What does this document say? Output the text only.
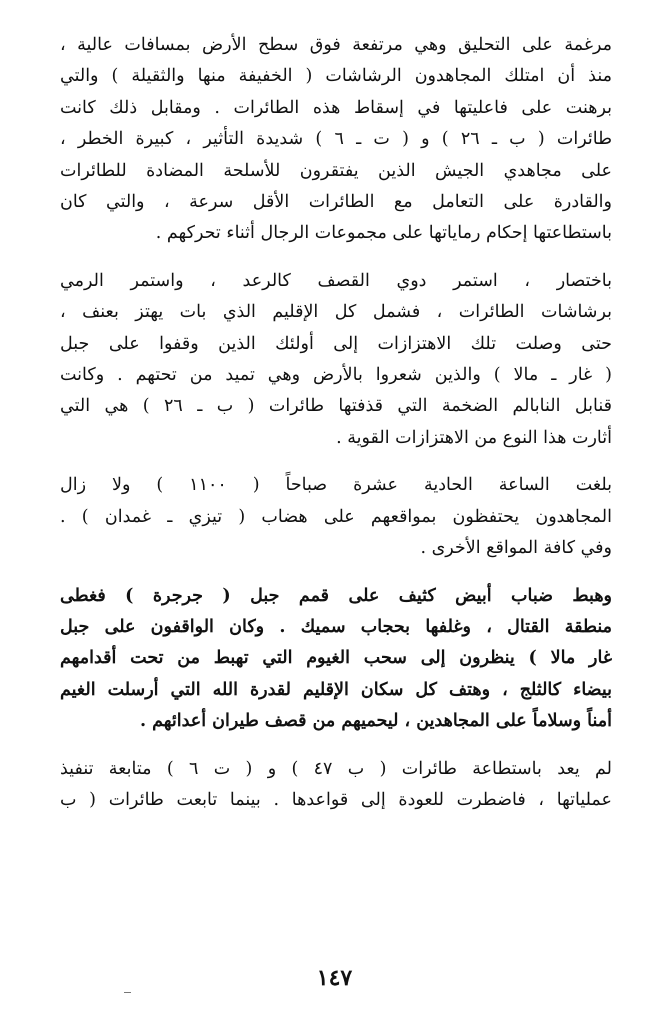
مرغمة على التحليق وهي مرتفعة فوق سطح الأرض بمسافات عالية ،
منذ أن امتلك المجاهدون الرشاشات ( الخفيفة منها والثقيلة ) والتي
برهنت على فاعليتها في إسقاط هذه الطائرات . ومقابل ذلك كانت
طائرات ( ب ـ ٢٦ ) و ( ت ـ ٦ ) شديدة التأثير ، كبيرة الخطر ،
على مجاهدي الجيش الذين يفتقرون للأسلحة المضادة للطائرات
والقادرة على التعامل مع الطائرات الأقل سرعة ، والتي كان
باستطاعتها إحكام رماياتها على مجموعات الرجال أثناء تحركهم .

باختصار ، استمر دوي القصف كالرعد ، واستمر الرمي
برشاشات الطائرات ، فشمل كل الإقليم الذي بات يهتز بعنف ،
حتى وصلت تلك الاهتزازات إلى أولئك الذين وقفوا على جبل
( غار ـ مالا ) والذين شعروا بالأرض وهي تميد من تحتهم . وكانت
قنابل النابالم الضخمة التي قذفتها طائرات ( ب ـ ٢٦ ) هي التي
أثارت هذا النوع من الاهتزازات القوية .

بلغت الساعة الحادية عشرة صباحاً ( ١١٠٠ ) ولا زال
المجاهدون يحتفظون بمواقعهم على هضاب ( تيزي ـ غمدان ) .
وفي كافة المواقع الأخرى .

وهبط ضباب أبيض كثيف على قمم جبل ( جرجرة ) فغطى
منطقة القتال ، وغلفها بحجاب سميك . وكان الواقفون على جبل
غار مالا ) ينظرون إلى سحب الغيوم التي تهبط من تحت أقدامهم
بيضاء كالثلج ، وهتف كل سكان الإقليم لقدرة الله التي أرسلت الغيم
أمناً وسلاماً على المجاهدين ، ليحميهم من قصف طيران أعدائهم .

لم يعد باستطاعة طائرات ( ب ٤٧ ) و ( ت ٦ ) متابعة تنفيذ
عملياتها ، فاضطرت للعودة إلى قواعدها . بينما تابعت طائرات ( ب

١٤٧
